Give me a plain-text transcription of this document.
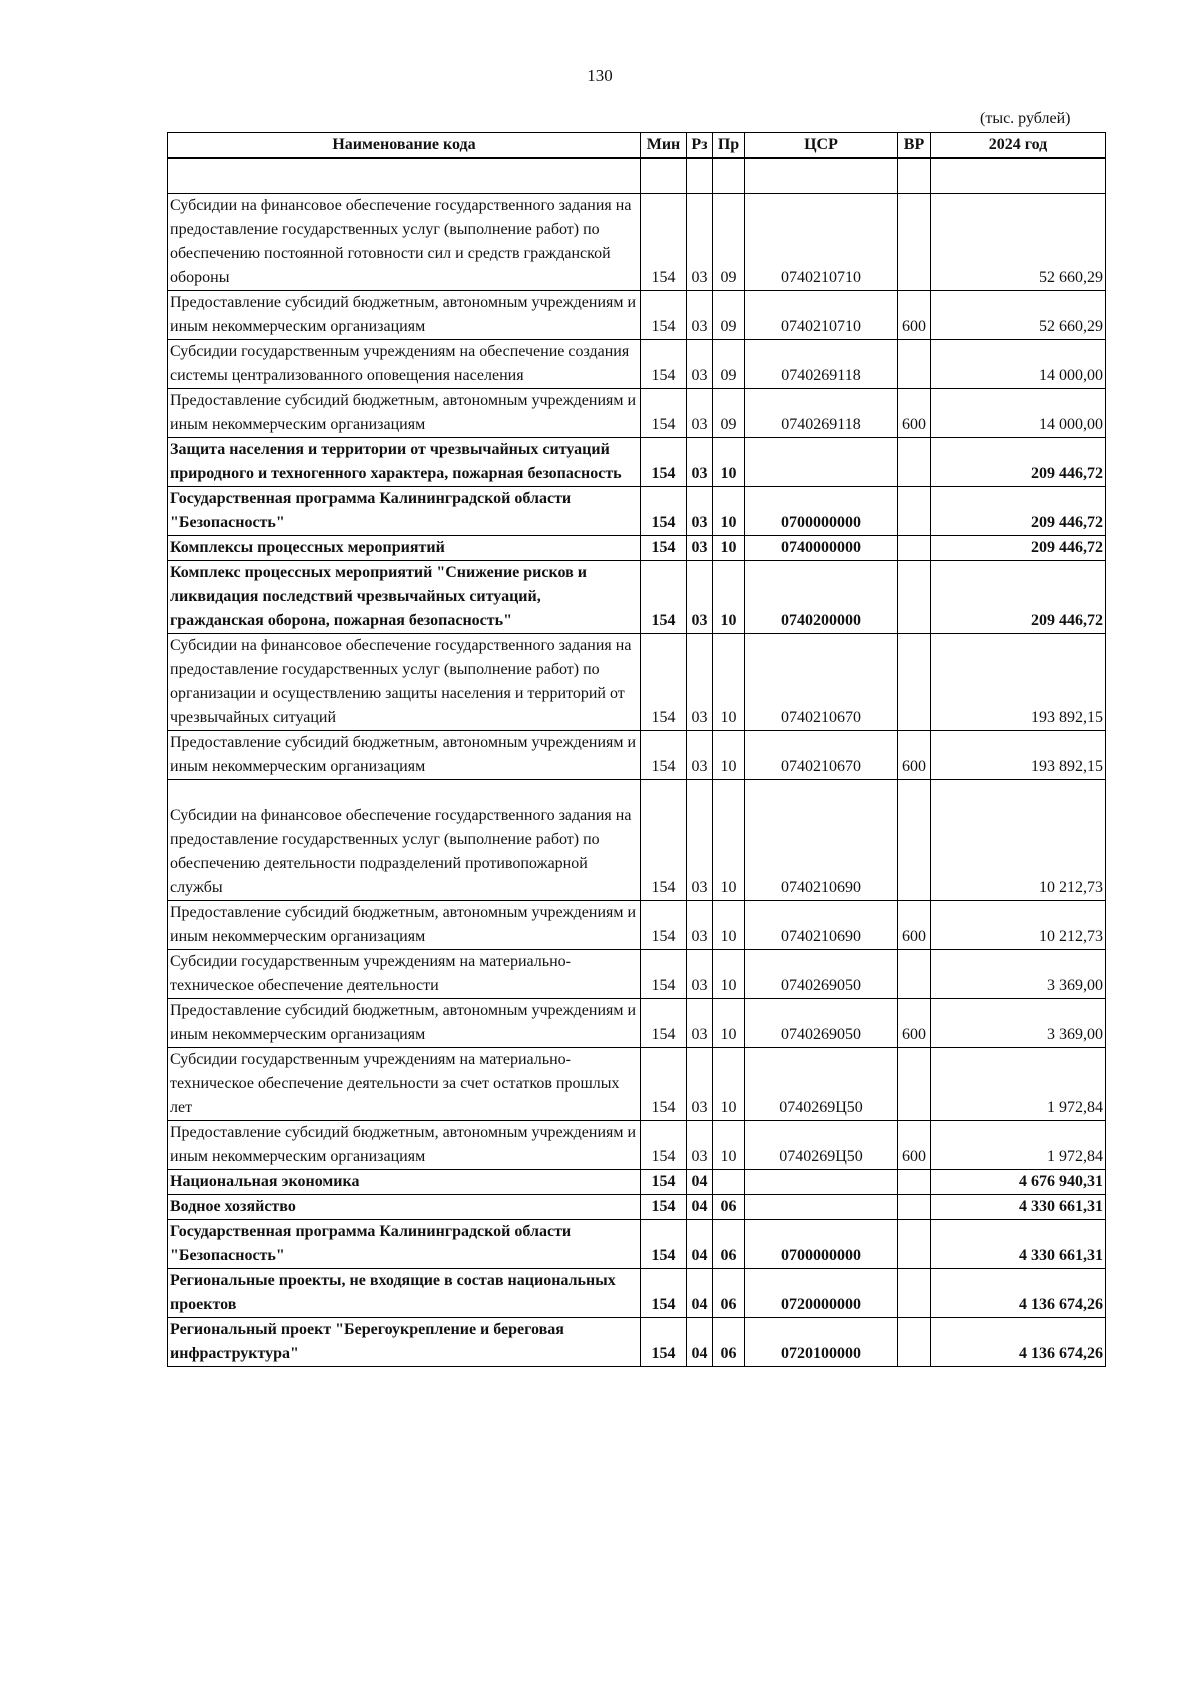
130
(тыс. рублей)
Наименование кода	Мин	Рз	Пр	ЦСР	ВР	2024 год

Субсидии на финансовое обеспечение государственного задания на предоставление государственных услуг (выполнение работ) по обеспечению постоянной готовности сил и средств гражданской обороны	154	03	09	0740210710		52 660,29
Предоставление субсидий бюджетным, автономным учреждениям и иным некоммерческим организациям	154	03	09	0740210710	600	52 660,29
Субсидии государственным учреждениям на обеспечение создания системы централизованного оповещения населения	154	03	09	0740269118		14 000,00
Предоставление субсидий бюджетным, автономным учреждениям и иным некоммерческим организациям	154	03	09	0740269118	600	14 000,00
Защита населения и территории от чрезвычайных ситуаций природного и техногенного характера, пожарная безопасность	154	03	10			209 446,72
Государственная программа Калининградской области "Безопасность"	154	03	10	0700000000		209 446,72
Комплексы процессных мероприятий	154	03	10	0740000000		209 446,72
Комплекс процессных мероприятий "Снижение рисков и ликвидация последствий чрезвычайных ситуаций, гражданская оборона, пожарная безопасность"	154	03	10	0740200000		209 446,72
Субсидии на финансовое обеспечение государственного задания на предоставление государственных услуг (выполнение работ) по организации и осуществлению защиты населения и территорий от чрезвычайных ситуаций	154	03	10	0740210670		193 892,15
Предоставление субсидий бюджетным, автономным учреждениям и иным некоммерческим организациям	154	03	10	0740210670	600	193 892,15
Субсидии на финансовое обеспечение государственного задания на предоставление государственных услуг (выполнение работ) по обеспечению деятельности подразделений противопожарной службы	154	03	10	0740210690		10 212,73
Предоставление субсидий бюджетным, автономным учреждениям и иным некоммерческим организациям	154	03	10	0740210690	600	10 212,73
Субсидии государственным учреждениям на материально-техническое обеспечение деятельности	154	03	10	0740269050		3 369,00
Предоставление субсидий бюджетным, автономным учреждениям и иным некоммерческим организациям	154	03	10	0740269050	600	3 369,00
Субсидии государственным учреждениям на материально-техническое обеспечение деятельности за счет остатков прошлых лет	154	03	10	0740269Ц50		1 972,84
Предоставление субсидий бюджетным, автономным учреждениям и иным некоммерческим организациям	154	03	10	0740269Ц50	600	1 972,84
Национальная экономика	154	04				4 676 940,31
Водное хозяйство	154	04	06			4 330 661,31
Государственная программа Калининградской области "Безопасность"	154	04	06	0700000000		4 330 661,31
Региональные проекты, не входящие в состав национальных проектов	154	04	06	0720000000		4 136 674,26
Региональный проект "Берегоукрепление и береговая инфраструктура"	154	04	06	0720100000		4 136 674,26
